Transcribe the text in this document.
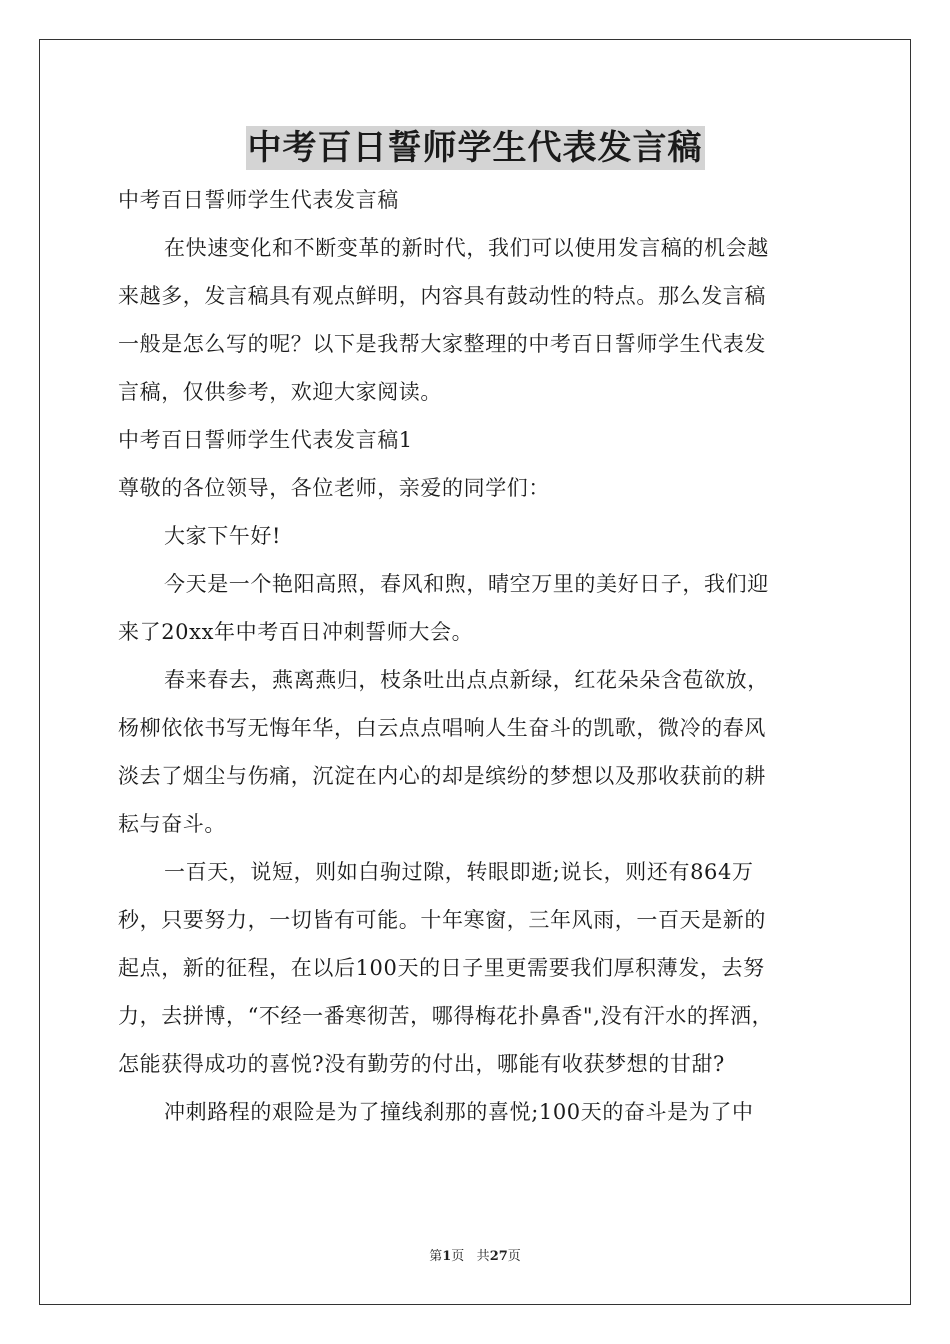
中考百日誓师学生代表发言稿
中考百日誓师学生代表发言稿
在快速变化和不断变革的新时代，我们可以使用发言稿的机会越
来越多，发言稿具有观点鲜明，内容具有鼓动性的特点。那么发言稿
一般是怎么写的呢？以下是我帮大家整理的中考百日誓师学生代表发
言稿，仅供参考，欢迎大家阅读。
中考百日誓师学生代表发言稿1
尊敬的各位领导，各位老师，亲爱的同学们：
大家下午好!
今天是一个艳阳高照，春风和煦，晴空万里的美好日子，我们迎
来了20xx年中考百日冲刺誓师大会。
春来春去，燕离燕归，枝条吐出点点新绿，红花朵朵含苞欲放，
杨柳依依书写无悔年华，白云点点唱响人生奋斗的凯歌，微冷的春风
淡去了烟尘与伤痛，沉淀在内心的却是缤纷的梦想以及那收获前的耕
耘与奋斗。
一百天，说短，则如白驹过隙，转眼即逝;说长，则还有864万
秒，只要努力，一切皆有可能。十年寒窗，三年风雨，一百天是新的
起点，新的征程，在以后100天的日子里更需要我们厚积薄发，去努
力，去拼博，“不经一番寒彻苦，哪得梅花扑鼻香",没有汗水的挥洒，
怎能获得成功的喜悦?没有勤劳的付出，哪能有收获梦想的甘甜?
冲刺路程的艰险是为了撞线刹那的喜悦;100天的奋斗是为了中
第1页 共27页
